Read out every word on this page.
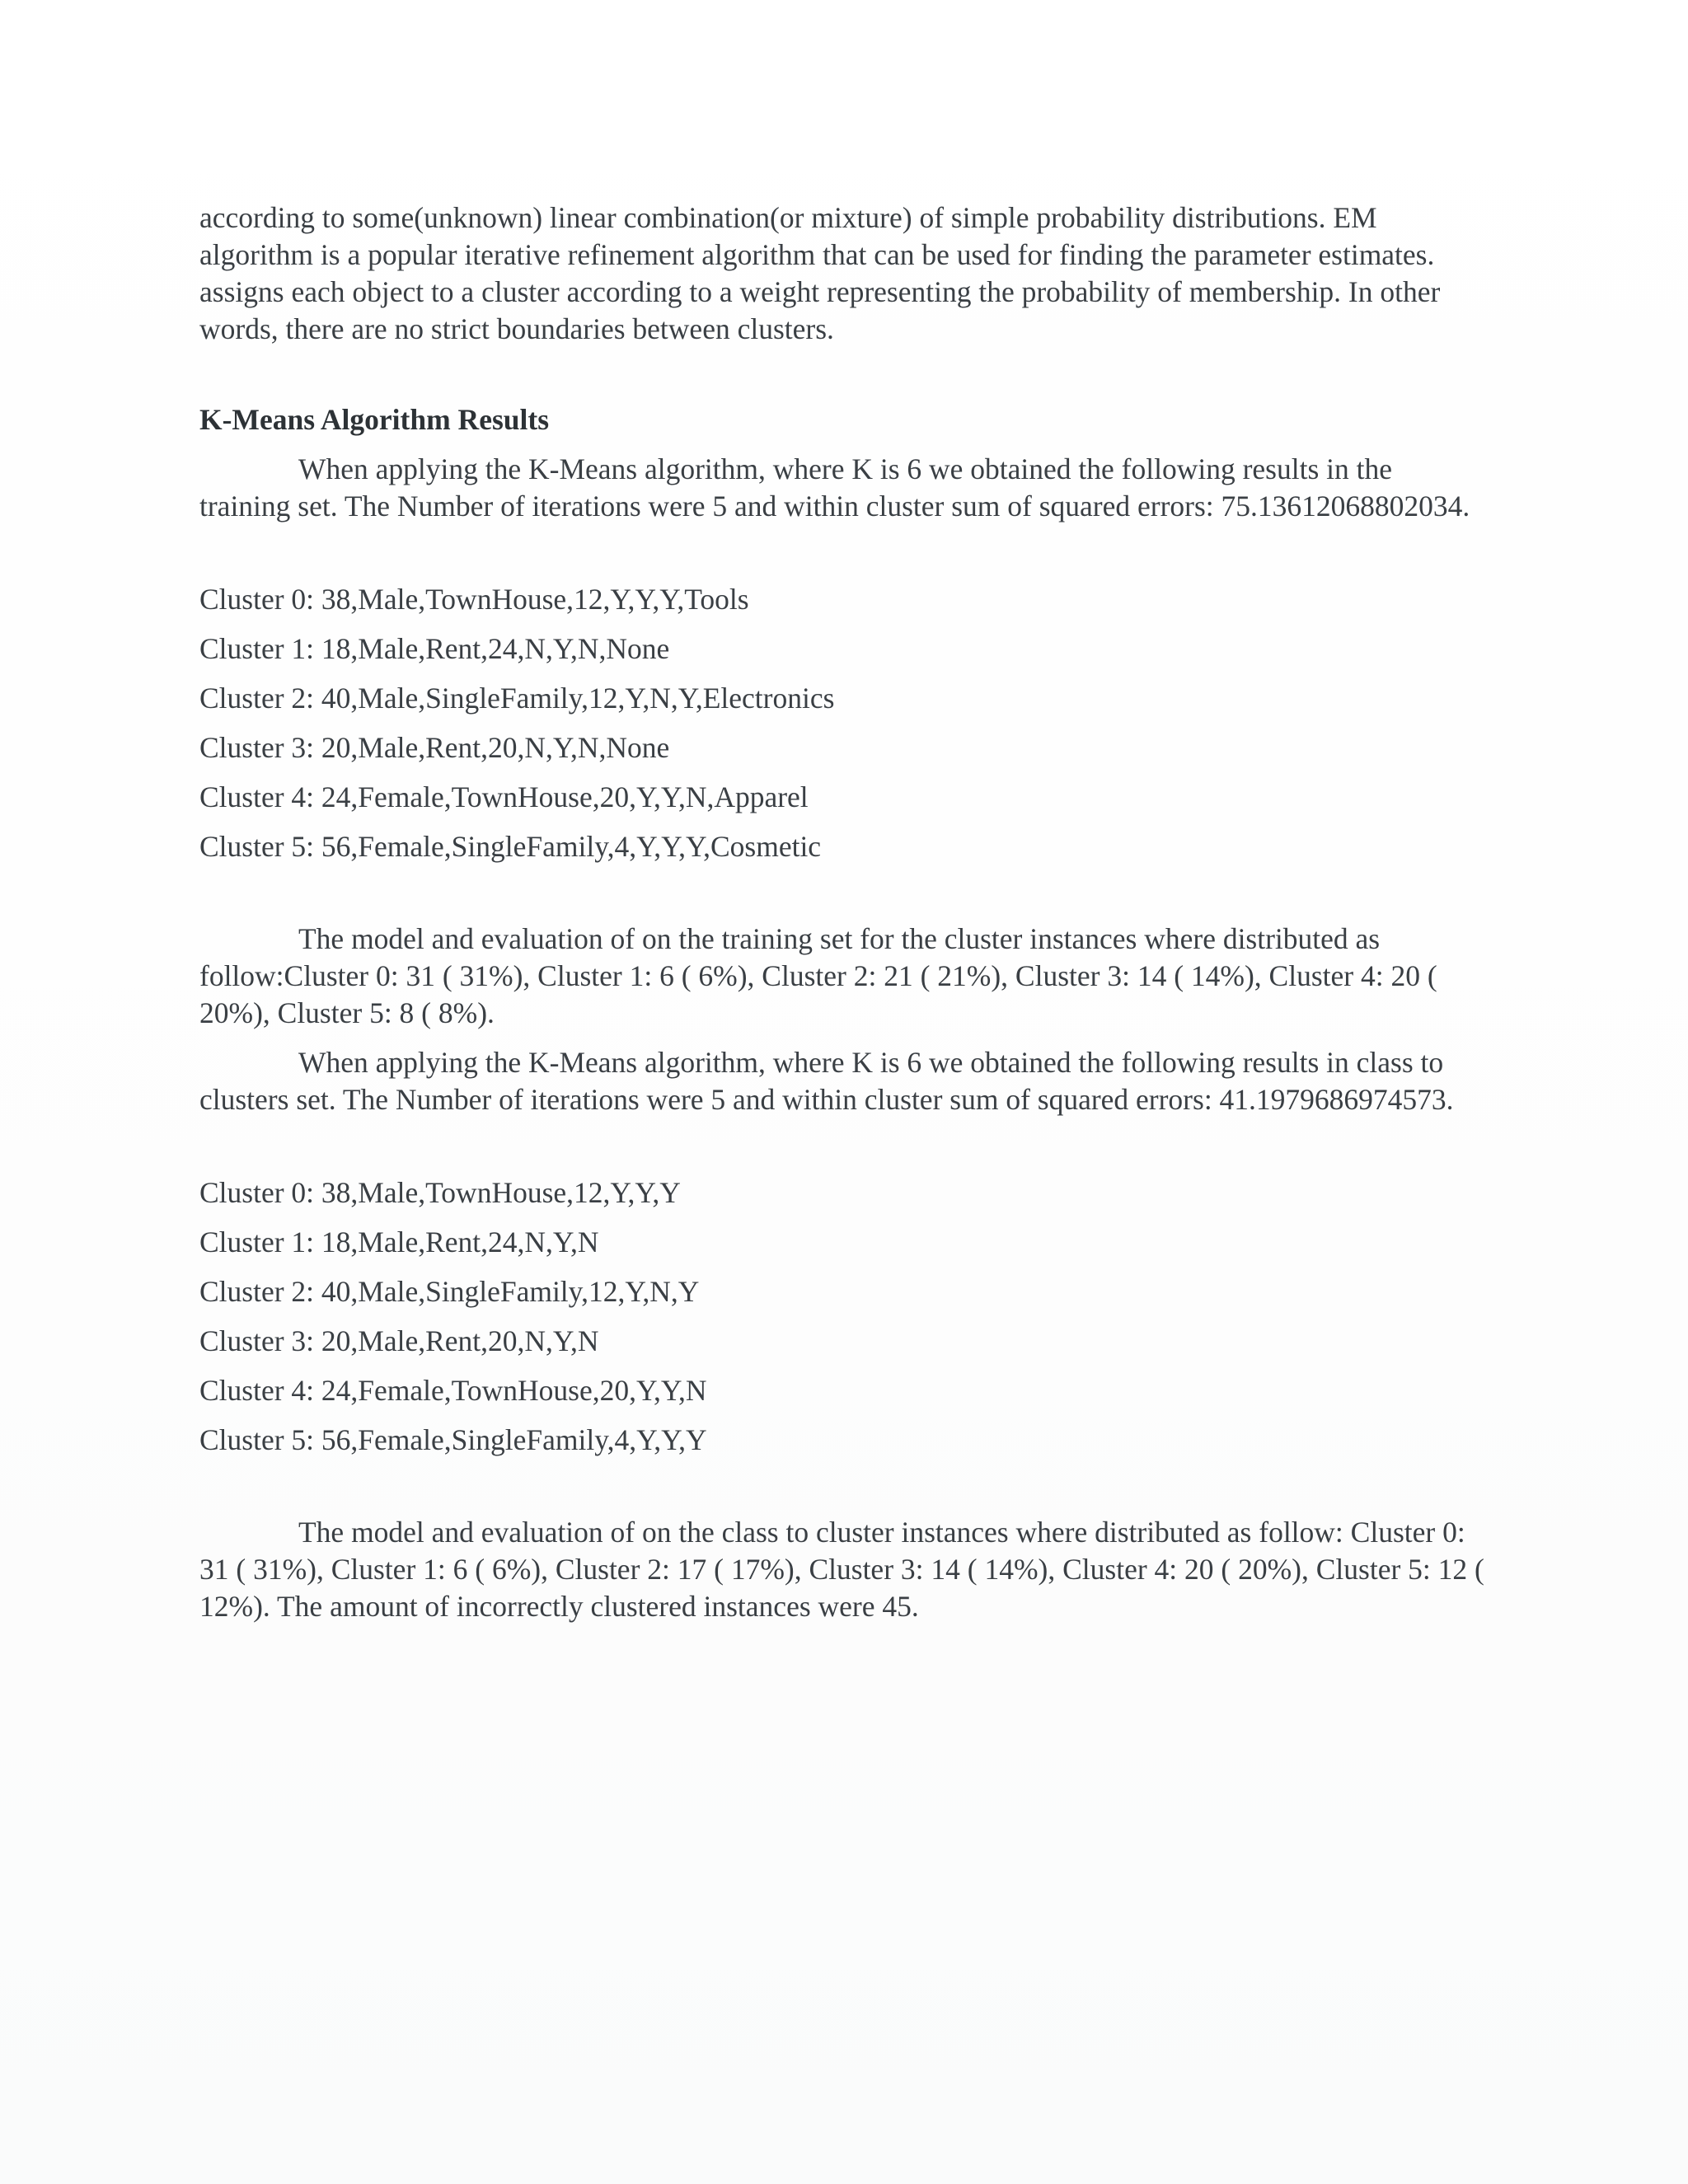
according to some(unknown) linear combination(or mixture) of simple probability distributions. EM algorithm is a popular iterative refinement algorithm that can be used for finding the parameter estimates. assigns each object to a cluster according to a weight representing the probability of membership. In other words, there are no strict boundaries between clusters.

K-Means Algorithm Results

When applying the K-Means algorithm, where K is 6 we obtained the following results in the training set. The Number of iterations were 5 and within cluster sum of squared errors: 75.13612068802034.

Cluster 0: 38,Male,TownHouse,12,Y,Y,Y,Tools
Cluster 1: 18,Male,Rent,24,N,Y,N,None
Cluster 2: 40,Male,SingleFamily,12,Y,N,Y,Electronics
Cluster 3: 20,Male,Rent,20,N,Y,N,None
Cluster 4: 24,Female,TownHouse,20,Y,Y,N,Apparel
Cluster 5: 56,Female,SingleFamily,4,Y,Y,Y,Cosmetic

The model and evaluation of on the training set for the cluster instances where distributed as follow:Cluster 0: 31 ( 31%), Cluster 1: 6 ( 6%), Cluster 2: 21 ( 21%), Cluster 3: 14 ( 14%), Cluster 4: 20 ( 20%), Cluster 5: 8 ( 8%).

When applying the K-Means algorithm, where K is 6 we obtained the following results in class to clusters set. The Number of iterations were 5 and within cluster sum of squared errors: 41.1979686974573.

Cluster 0: 38,Male,TownHouse,12,Y,Y,Y
Cluster 1: 18,Male,Rent,24,N,Y,N
Cluster 2: 40,Male,SingleFamily,12,Y,N,Y
Cluster 3: 20,Male,Rent,20,N,Y,N
Cluster 4: 24,Female,TownHouse,20,Y,Y,N
Cluster 5: 56,Female,SingleFamily,4,Y,Y,Y

The model and evaluation of on the class to cluster instances where distributed as follow: Cluster 0: 31 ( 31%), Cluster 1: 6 ( 6%), Cluster 2: 17 ( 17%), Cluster 3: 14 ( 14%), Cluster 4: 20 ( 20%), Cluster 5: 12 ( 12%). The amount of incorrectly clustered instances were 45.
